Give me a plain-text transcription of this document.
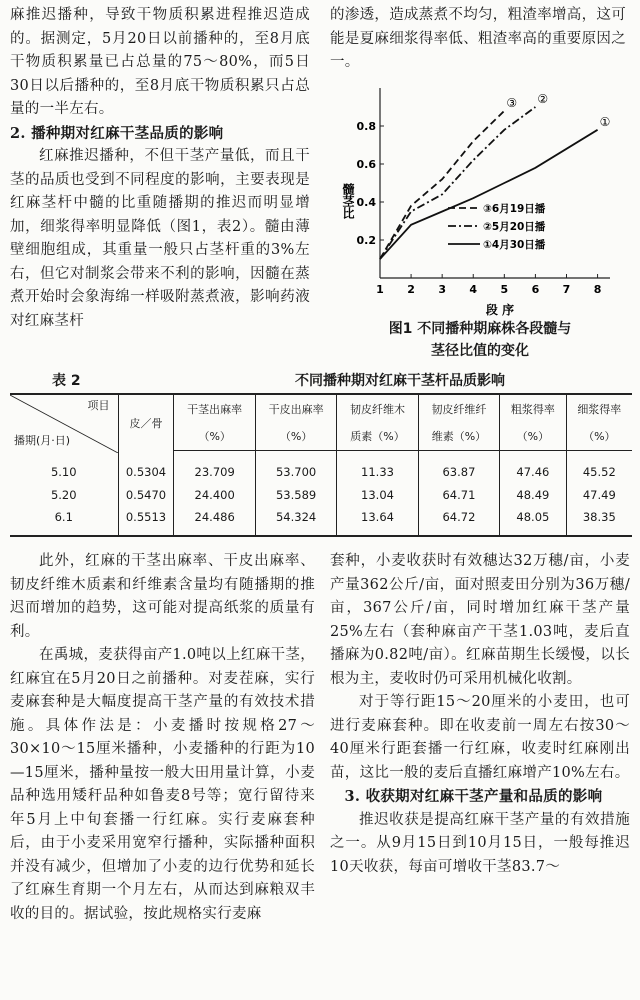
麻推迟播种，导致干物质积累进程推迟造成的。据测定，5月20日以前播种的，至8月底干物质积累量已占总量的75～80%，而5日30日以后播种的，至8月底干物质积累只占总量的一半左右。

2. 播种期对红麻干茎品质的影响

红麻推迟播种，不但干茎产量低，而且干茎的品质也受到不同程度的影响，主要表现是红麻茎杆中髓的比重随播期的推迟而明显增加，细浆得率明显降低（图1，表2）。髓由薄壁细胞组成，其重量一般只占茎杆重的3%左右，但它对制浆会带来不利的影响，因髓在蒸煮开始时会象海绵一样吸附蒸煮液，影响药液对红麻茎杆

的渗透，造成蒸煮不均匀，粗渣率增高，这可能是夏麻细浆得率低、粗渣率高的重要原因之一。

1 2 3 4 5 6 7 8
0.2
0.4
0.6
0.8
髓茎比
段 序
③
③6月19日播
②
②5月20日播
①
①4月30日播
图1 不同播种期麻株各段髓与
茎径比值的变化
表 2	不同播种期对红麻干茎杆品质影响
项目
播期(月·日)	皮／骨	干茎出麻率	干皮出麻率	韧皮纤维木	韧皮纤维纤	粗浆得率	细浆得率
		（%）	（%）	质素（%）	维素（%）	（%）	（%）
5.10	0.5304	23.709	53.700	11.33	63.87	47.46	45.52
5.20	0.5470	24.400	53.589	13.04	64.71	48.49	47.49
6.1	0.5513	24.486	54.324	13.64	64.72	48.05	38.35

此外，红麻的干茎出麻率、干皮出麻率、韧皮纤维木质素和纤维素含量均有随播期的推迟而增加的趋势，这可能对提高纸浆的质量有利。

在禹城，麦获得亩产1.0吨以上红麻干茎，红麻宜在5月20日之前播种。对麦茬麻，实行麦麻套种是大幅度提高干茎产量的有效技术措施。具体作法是：小麦播时按规格27～30×10～15厘米播种，小麦播种的行距为10—15厘米，播种量按一般大田用量计算，小麦品种选用矮秆品种如鲁麦8号等；宽行留待来年5月上中旬套播一行红麻。实行麦麻套种后，由于小麦采用宽窄行播种，实际播种面积并没有减少，但增加了小麦的边行优势和延长了红麻生育期一个月左右，从而达到麻粮双丰收的目的。据试验，按此规格实行麦麻

套种，小麦收获时有效穗达32万穗/亩，小麦产量362公斤/亩，面对照麦田分别为36万穗/亩，367公斤/亩，同时增加红麻干茎产量25%左右（套种麻亩产干茎1.03吨，麦后直播麻为0.82吨/亩）。红麻苗期生长缓慢，以长根为主，麦收时仍可采用机械化收割。

对于等行距15～20厘米的小麦田，也可进行麦麻套种。即在收麦前一周左右按30～40厘米行距套播一行红麻，收麦时红麻刚出苗，这比一般的麦后直播红麻增产10%左右。

3. 收获期对红麻干茎产量和品质的影响

推迟收获是提高红麻干茎产量的有效措施之一。从9月15日到10月15日，一般每推迟10天收获，每亩可增收干茎83.7～
